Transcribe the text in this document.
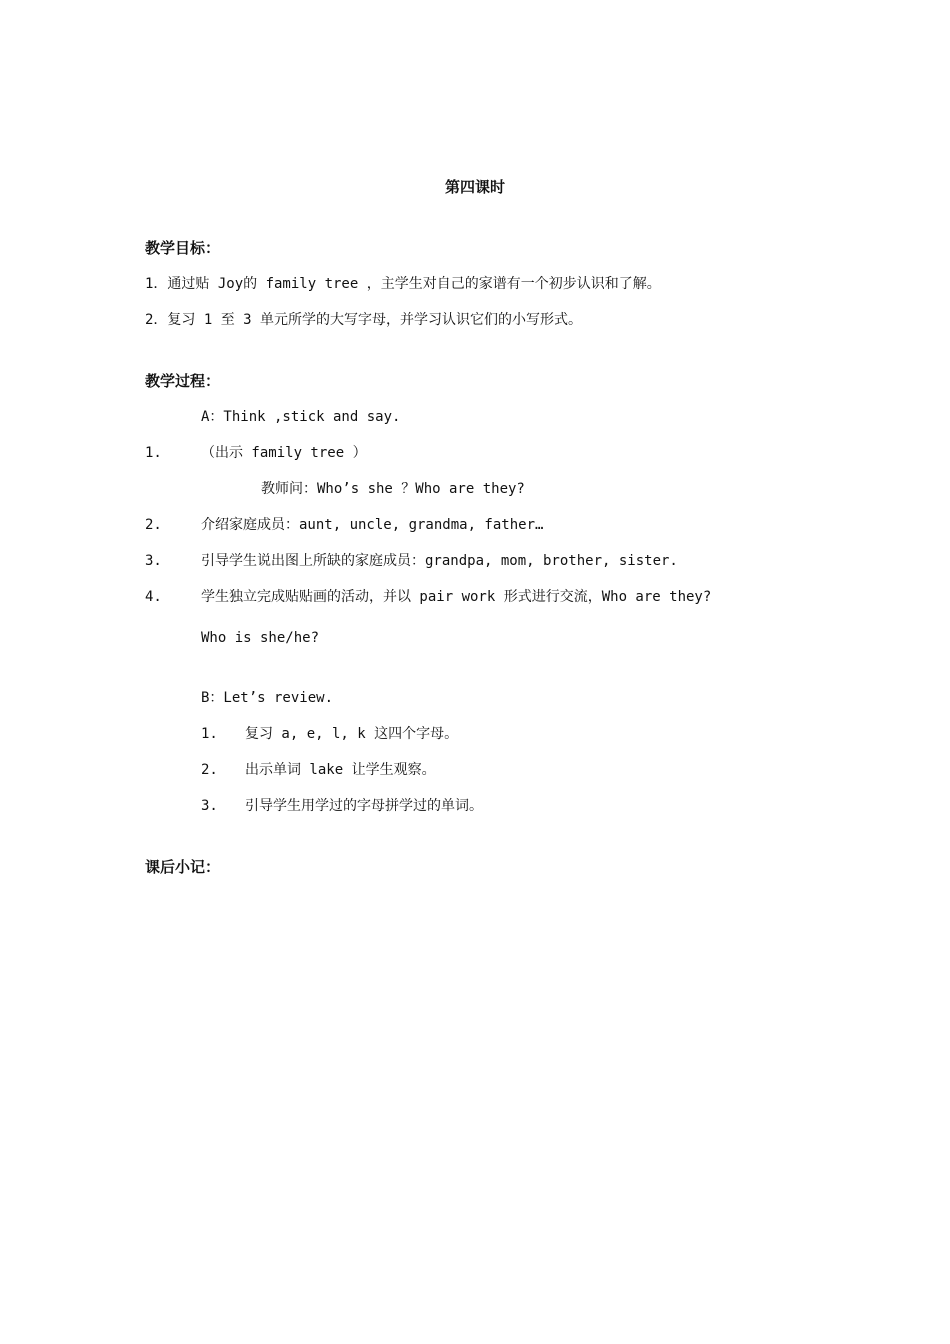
第四课时
教学目标：
1．通过贴 Joy的 family tree ，主学生对自己的家谱有一个初步认识和了解。
2．复习 1 至 3 单元所学的大写字母，并学习认识它们的小写形式。
教学过程：
A：Think ,stick and say.
1.	（出示 family tree ）
教师问：Who’s she ？Who are they?
2.	介绍家庭成员：aunt, uncle, grandma, father…
3.	引导学生说出图上所缺的家庭成员：grandpa, mom, brother, sister.
4.	学生独立完成贴贴画的活动，并以 pair work 形式进行交流，Who are they?
Who is she/he?
B：Let’s review.
1. 复习 a, e, l, k 这四个字母。
2. 出示单词 lake 让学生观察。
3. 引导学生用学过的字母拼学过的单词。
课后小记：
